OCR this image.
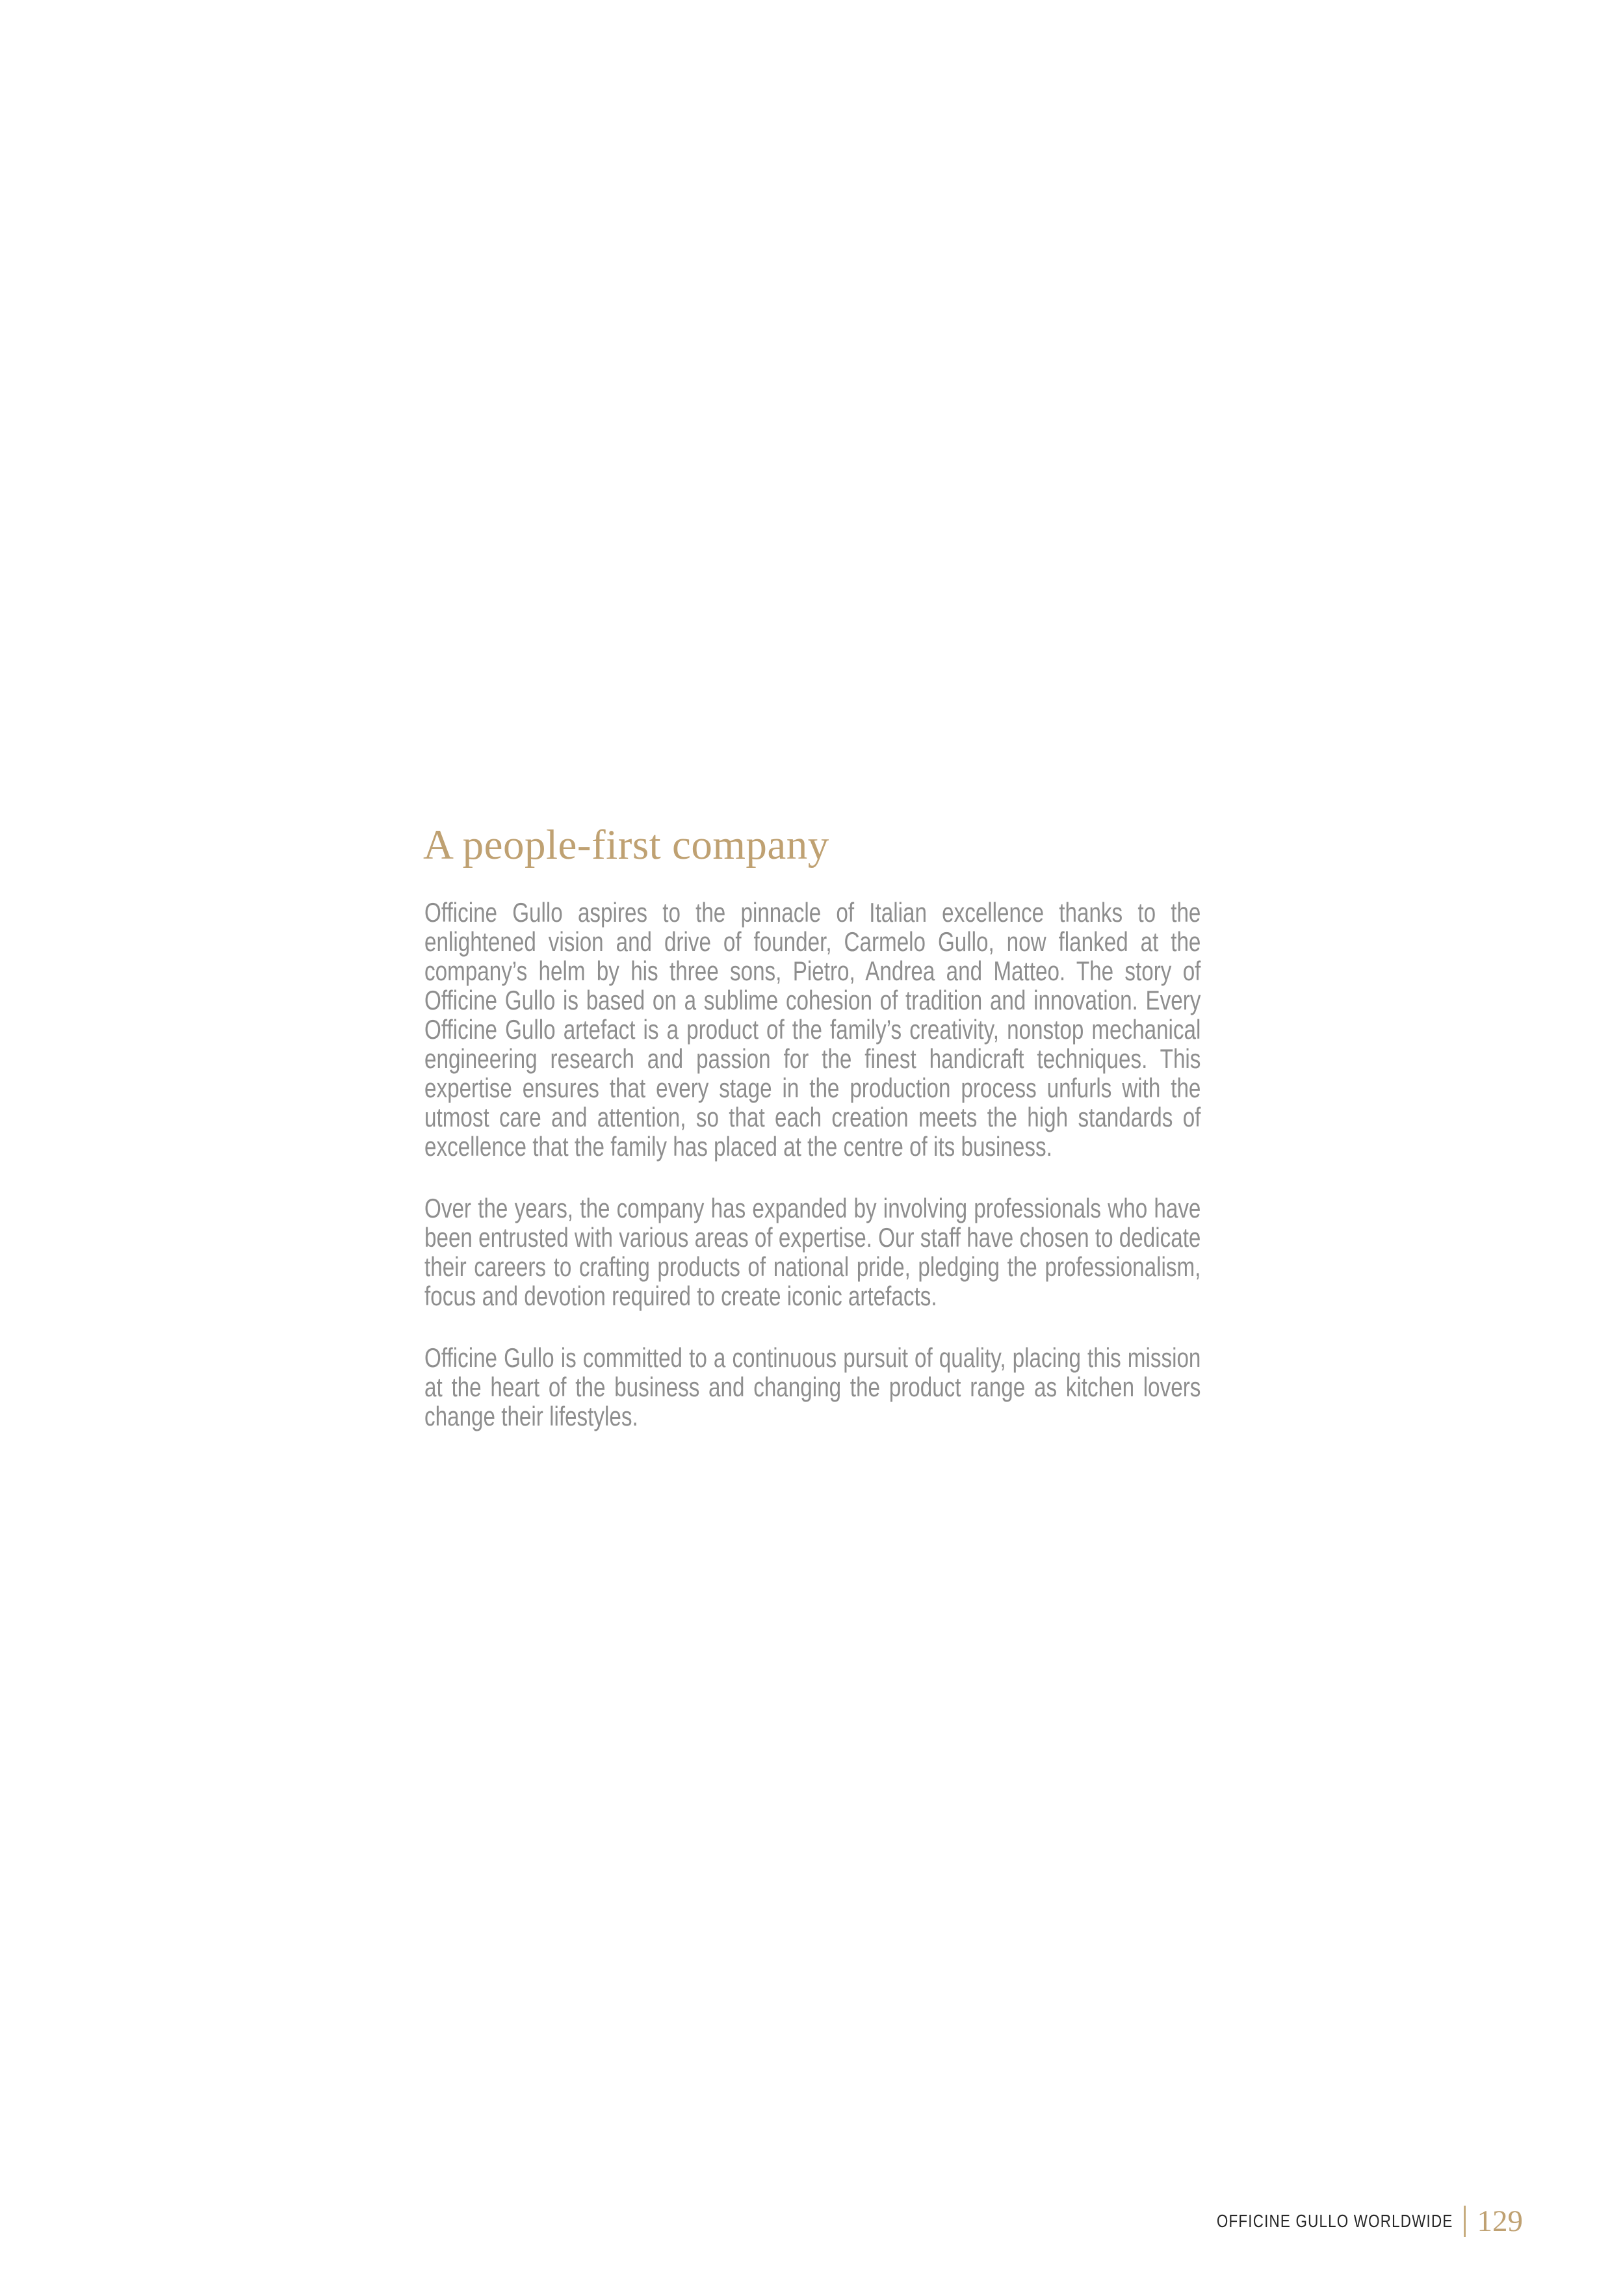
A people-first company

Officine Gullo aspires to the pinnacle of Italian excellence thanks to the enlightened vision and drive of founder, Carmelo Gullo, now flanked at the company’s helm by his three sons, Pietro, Andrea and Matteo. The story of Officine Gullo is based on a sublime cohesion of tradition and innovation. Every Officine Gullo artefact is a product of the family’s creativity, nonstop mechanical engineering research and passion for the finest handicraft techniques. This expertise ensures that every stage in the production process unfurls with the utmost care and attention, so that each creation meets the high standards of excellence that the family has placed at the centre of its business.

Over the years, the company has expanded by involving professionals who have been entrusted with various areas of expertise. Our staff have chosen to dedicate their careers to crafting products of national pride, pledging the professionalism, focus and devotion required to create iconic artefacts.

Officine Gullo is committed to a continuous pursuit of quality, placing this mission at the heart of the business and changing the product range as kitchen lovers change their lifestyles.

OFFICINE GULLO WORLDWIDE 129
